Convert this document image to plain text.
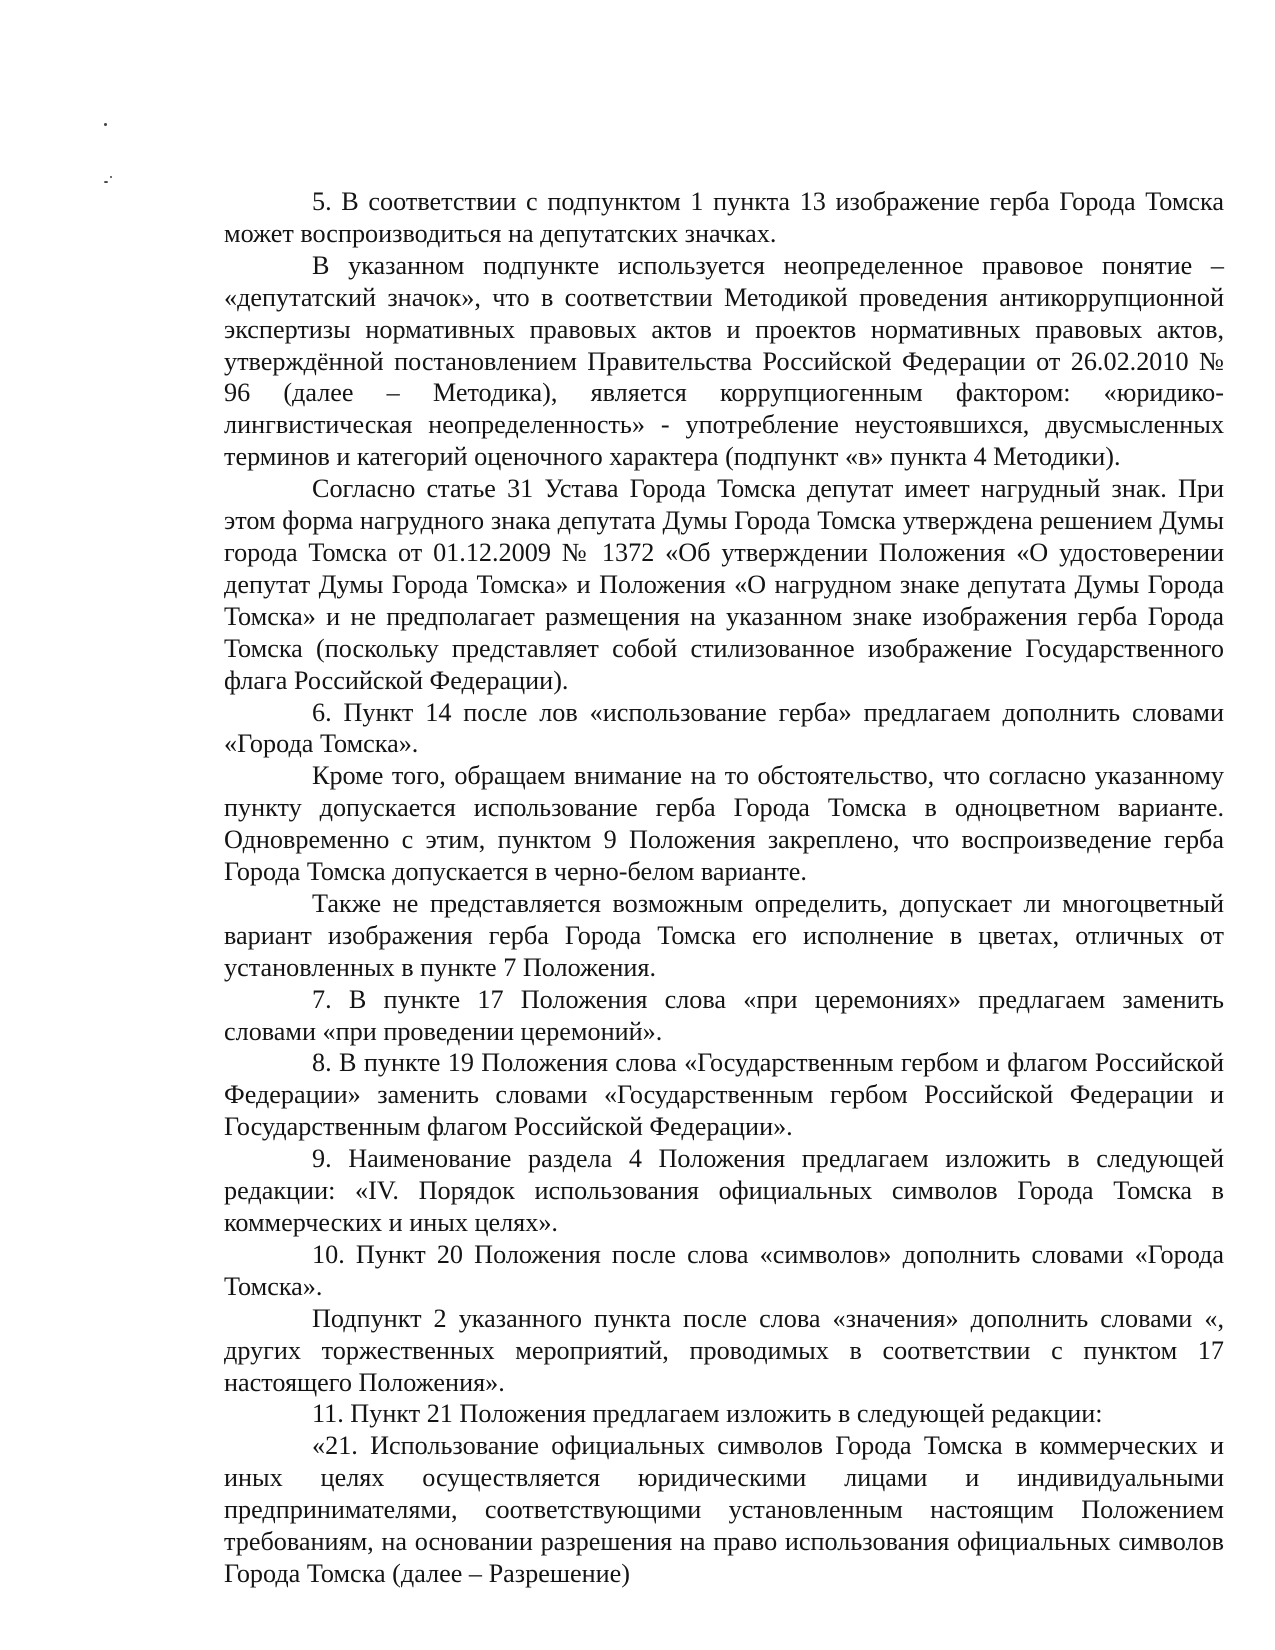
5. В соответствии с подпунктом 1 пункта 13 изображение герба Города Томска может воспроизводиться на депутатских значках.

В указанном подпункте используется неопределенное правовое понятие – «депутатский значок», что в соответствии Методикой проведения антикоррупционной экспертизы нормативных правовых актов и проектов нормативных правовых актов, утверждённой постановлением Правительства Российской Федерации от 26.02.2010 № 96 (далее – Методика), является коррупциогенным фактором: «юридико-лингвистическая неопределенность» - употребление неустоявшихся, двусмысленных терминов и категорий оценочного характера (подпункт «в» пункта 4 Методики).

Согласно статье 31 Устава Города Томска депутат имеет нагрудный знак. При этом форма нагрудного знака депутата Думы Города Томска утверждена решением Думы города Томска от 01.12.2009 № 1372 «Об утверждении Положения «О удостоверении депутат Думы Города Томска» и Положения «О нагрудном знаке депутата Думы Города Томска» и не предполагает размещения на указанном знаке изображения герба Города Томска (поскольку представляет собой стилизованное изображение Государственного флага Российской Федерации).

6. Пункт 14 после лов «использование герба» предлагаем дополнить словами «Города Томска».

Кроме того, обращаем внимание на то обстоятельство, что согласно указанному пункту допускается использование герба Города Томска в одноцветном варианте. Одновременно с этим, пунктом 9 Положения закреплено, что воспроизведение герба Города Томска допускается в черно-белом варианте.

Также не представляется возможным определить, допускает ли многоцветный вариант изображения герба Города Томска его исполнение в цветах, отличных от установленных в пункте 7 Положения.

7. В пункте 17 Положения слова «при церемониях» предлагаем заменить словами «при проведении церемоний».

8. В пункте 19 Положения слова «Государственным гербом и флагом Российской Федерации» заменить словами «Государственным гербом Российской Федерации и Государственным флагом Российской Федерации».

9. Наименование раздела 4 Положения предлагаем изложить в следующей редакции: «IV. Порядок использования официальных символов Города Томска в коммерческих и иных целях».

10. Пункт 20 Положения после слова «символов» дополнить словами «Города Томска».

Подпункт 2 указанного пункта после слова «значения» дополнить словами «, других торжественных мероприятий, проводимых в соответствии с пунктом 17 настоящего Положения».

11. Пункт 21 Положения предлагаем изложить в следующей редакции:

«21. Использование официальных символов Города Томска в коммерческих и иных целях осуществляется юридическими лицами и индивидуальными предпринимателями, соответствующими установленным настоящим Положением требованиям, на основании разрешения на право использования официальных символов Города Томска (далее – Разрешение)
